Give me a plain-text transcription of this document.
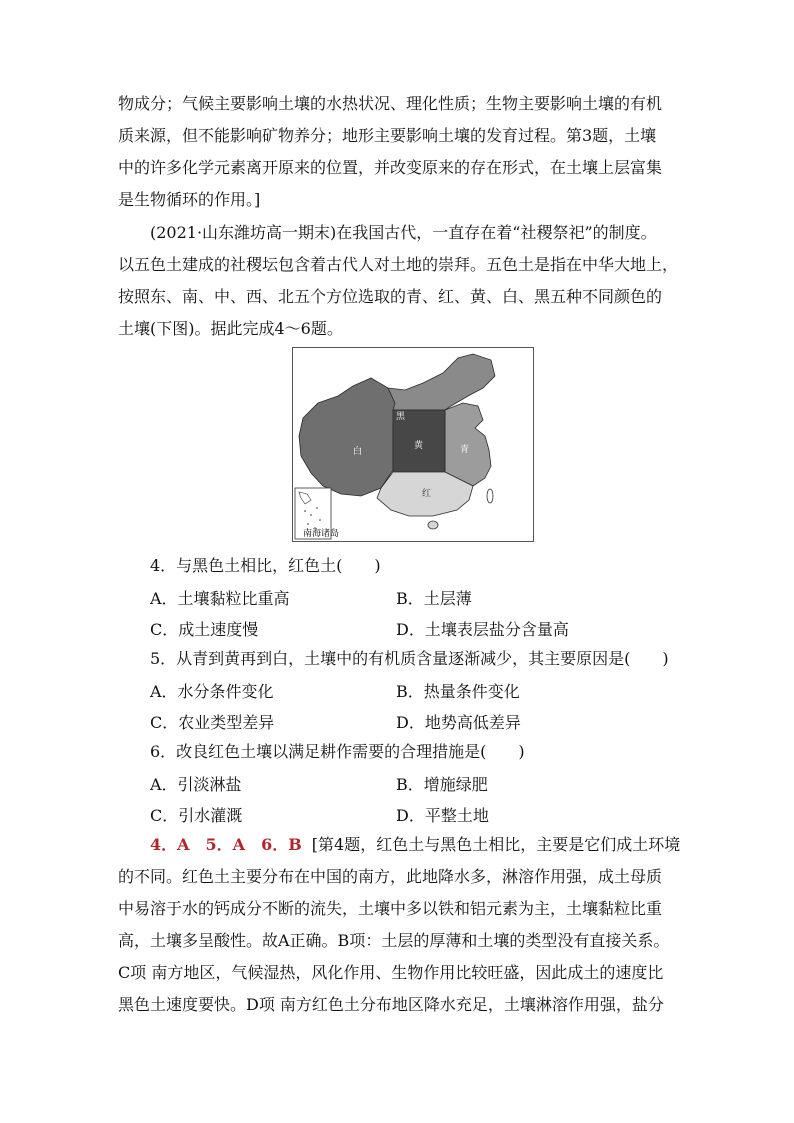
物成分；气候主要影响土壤的水热状况、理化性质；生物主要影响土壤的有机
质来源，但不能影响矿物养分；地形主要影响土壤的发育过程。第3题，土壤
中的许多化学元素离开原来的位置，并改变原来的存在形式，在土壤上层富集
是生物循环的作用。]
(2021·山东潍坊高一期末)在我国古代，一直存在着“社稷祭祀”的制度。
以五色土建成的社稷坛包含着古代人对土地的崇拜。五色土是指在中华大地上，
按照东、南、中、西、北五个方位选取的青、红、黄、白、黑五种不同颜色的
土壤(下图)。据此完成4～6题。
南海诸岛
白
黑
黄	青
红
4．与黑色土相比，红色土(　　)
A．土壤黏粒比重高	B．土层薄
C．成土速度慢	D．土壤表层盐分含量高
5．从青到黄再到白，土壤中的有机质含量逐渐减少，其主要原因是(　　)
A．水分条件变化	B．热量条件变化
C．农业类型差异	D．地势高低差异
6．改良红色土壤以满足耕作需要的合理措施是(　　)
A．引淡淋盐	B．增施绿肥
C．引水灌溉	D．平整土地
4．A　5．A　6．B [第4题，红色土与黑色土相比，主要是它们成土环境
的不同。红色土主要分布在中国的南方，此地降水多，淋溶作用强，成土母质
中易溶于水的钙成分不断的流失，土壤中多以铁和铝元素为主，土壤黏粒比重
高，土壤多呈酸性。故A正确。B项：土层的厚薄和土壤的类型没有直接关系。
C项 南方地区，气候湿热，风化作用、生物作用比较旺盛，因此成土的速度比
黑色土速度要快。D项 南方红色土分布地区降水充足，土壤淋溶作用强，盐分
